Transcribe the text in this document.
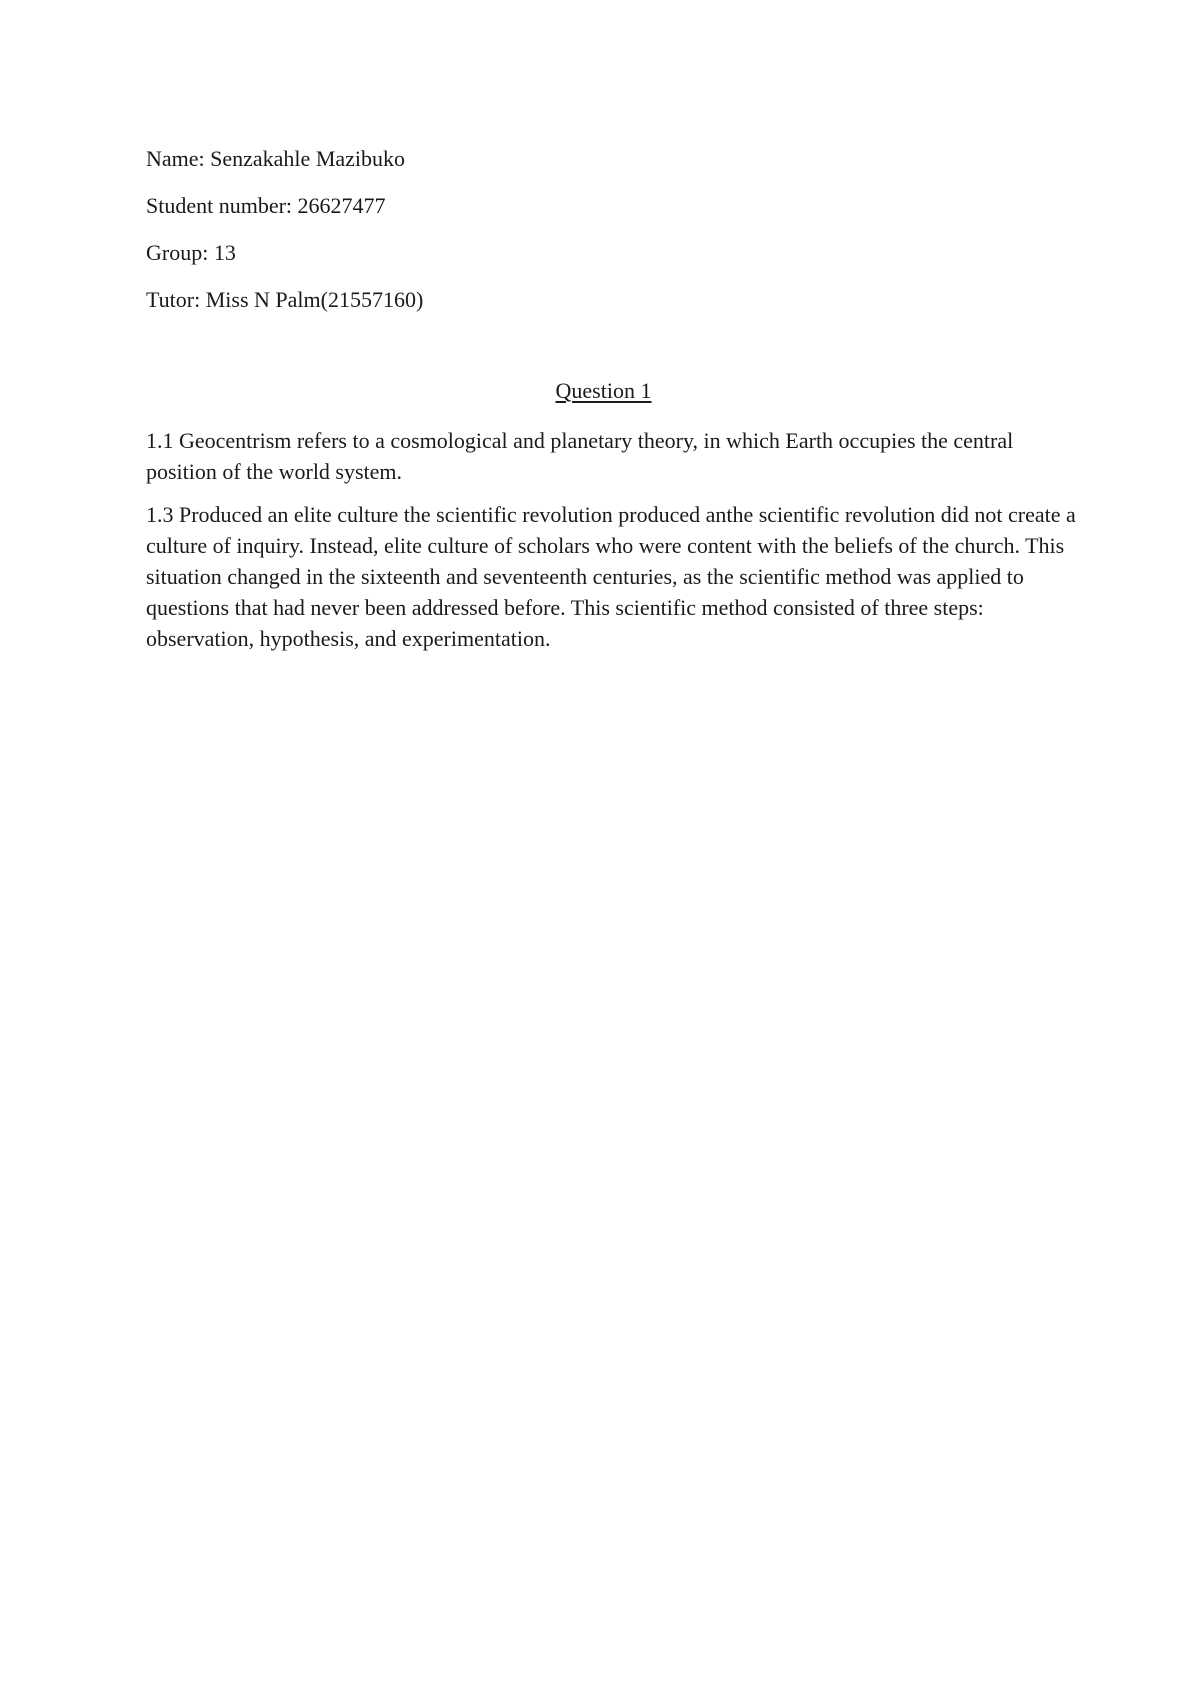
Name: Senzakahle Mazibuko

Student number: 26627477

Group: 13

Tutor: Miss N Palm(21557160)

Question 1

1.1 Geocentrism refers to a cosmological and planetary theory, in which Earth occupies the central position of the world system.

1.3 Produced an elite culture the scientific revolution produced anthe scientific revolution did not create a culture of inquiry. Instead, elite culture of scholars who were content with the beliefs of the church. This situation changed in the sixteenth and seventeenth centuries, as the scientific method was applied to questions that had never been addressed before. This scientific method consisted of three steps: observation, hypothesis, and experimentation.
